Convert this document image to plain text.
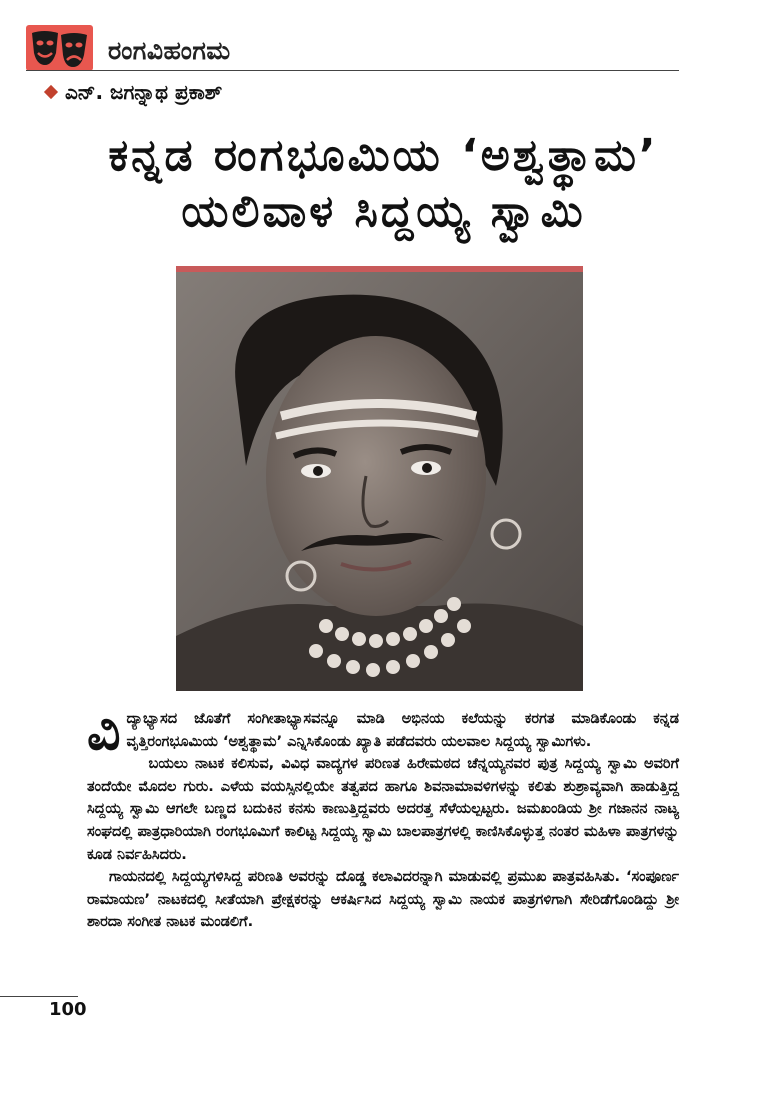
ರಂಗವಿಹಂಗಮ
ಎನ್. ಜಗನ್ನಾಥ ಪ್ರಕಾಶ್
ಕನ್ನಡ ರಂಗಭೂಮಿಯ ‘ಅಶ್ವತ್ಥಾಮ’
ಯಲಿವಾಳ ಸಿದ್ದಯ್ಯ ಸ್ವಾಮಿ

ವಿದ್ಯಾಭ್ಯಾಸದ ಜೊತೆಗೆ ಸಂಗೀತಾಭ್ಯಾಸವನ್ನೂ ಮಾಡಿ ಅಭಿನಯ ಕಲೆಯನ್ನು ಕರಗತ ಮಾಡಿಕೊಂಡು ಕನ್ನಡ ವೃತ್ತಿರಂಗಭೂಮಿಯ ‘ಅಶ್ವತ್ಥಾಮ’ ಎನ್ನಿಸಿಕೊಂಡು ಖ್ಯಾತಿ ಪಡೆದವರು ಯಲವಾಲ ಸಿದ್ದಯ್ಯ ಸ್ವಾಮಿಗಳು.

ಬಯಲು ನಾಟಕ ಕಲಿಸುವ, ವಿವಿಧ ವಾದ್ಯಗಳ ಪರಿಣತ ಹಿರೇಮಠದ ಚೆನ್ನಯ್ಯನವರ ಪುತ್ರ ಸಿದ್ದಯ್ಯ ಸ್ವಾಮಿ ಅವರಿಗೆ ತಂದೆಯೇ ಮೊದಲ ಗುರು. ಎಳೆಯ ವಯಸ್ಸಿನಲ್ಲಿಯೇ ತತ್ವಪದ ಹಾಗೂ ಶಿವನಾಮಾವಳಿಗಳನ್ನು ಕಲಿತು ಶುಶ್ರಾವ್ಯವಾಗಿ ಹಾಡುತ್ತಿದ್ದ ಸಿದ್ದಯ್ಯ ಸ್ವಾಮಿ ಆಗಲೇ ಬಣ್ಣದ ಬದುಕಿನ ಕನಸು ಕಾಣುತ್ತಿದ್ದವರು ಅದರತ್ತ ಸೆಳೆಯಲ್ಪಟ್ಟರು. ಜಮಖಂಡಿಯ ಶ್ರೀ ಗಜಾನನ ನಾಟ್ಯ ಸಂಘದಲ್ಲಿ ಪಾತ್ರಧಾರಿಯಾಗಿ ರಂಗಭೂಮಿಗೆ ಕಾಲಿಟ್ಟ ಸಿದ್ದಯ್ಯ ಸ್ವಾಮಿ ಬಾಲಪಾತ್ರಗಳಲ್ಲಿ ಕಾಣಿಸಿಕೊಳ್ಳುತ್ತ ನಂತರ ಮಹಿಳಾ ಪಾತ್ರಗಳನ್ನು ಕೂಡ ನಿರ್ವಹಿಸಿದರು.

ಗಾಯನದಲ್ಲಿ ಸಿದ್ದಯ್ಯಗಳಿಸಿದ್ದ ಪರಿಣತಿ ಅವರನ್ನು ದೊಡ್ಡ ಕಲಾವಿದರನ್ನಾಗಿ ಮಾಡುವಲ್ಲಿ ಪ್ರಮುಖ ಪಾತ್ರವಹಿಸಿತು. ‘ಸಂಪೂರ್ಣ ರಾಮಾಯಣ’ ನಾಟಕದಲ್ಲಿ ಸೀತೆಯಾಗಿ ಪ್ರೇಕ್ಷಕರನ್ನು ಆಕರ್ಷಿಸಿದ ಸಿದ್ದಯ್ಯ ಸ್ವಾಮಿ ನಾಯಕ ಪಾತ್ರಗಳಿಗಾಗಿ ಸೇರಿಡೆಗೊಂಡಿದ್ದು ಶ್ರೀ ಶಾರದಾ ಸಂಗೀತ ನಾಟಕ ಮಂಡಲಿಗೆ.

100
